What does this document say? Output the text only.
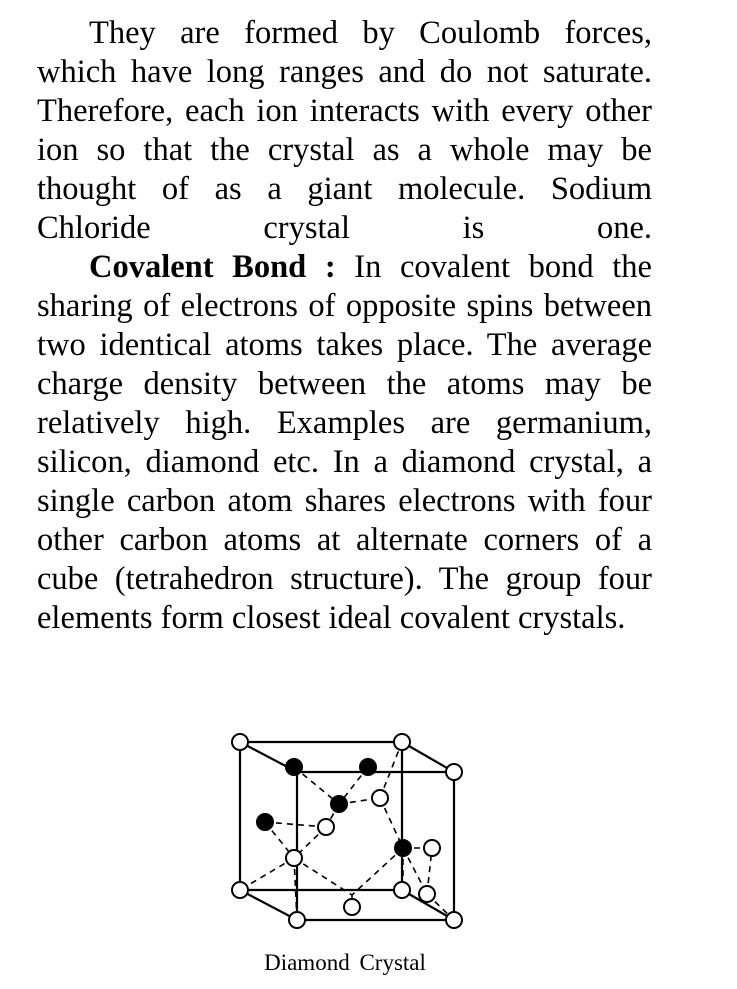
They are formed by Coulomb forces, which have long ranges and do not saturate. Therefore, each ion interacts with every other ion so that the crystal as a whole may be thought of as a giant molecule. Sodium Chloride crystal is one.

Covalent Bond : In covalent bond the sharing of electrons of opposite spins between two identical atoms takes place. The average charge density between the atoms may be relatively high. Examples are germanium, silicon, diamond etc. In a diamond crystal, a single carbon atom shares electrons with four other carbon atoms at alternate corners of a cube (tetrahedron structure). The group four elements form closest ideal covalent crystals.

Diamond Crystal
